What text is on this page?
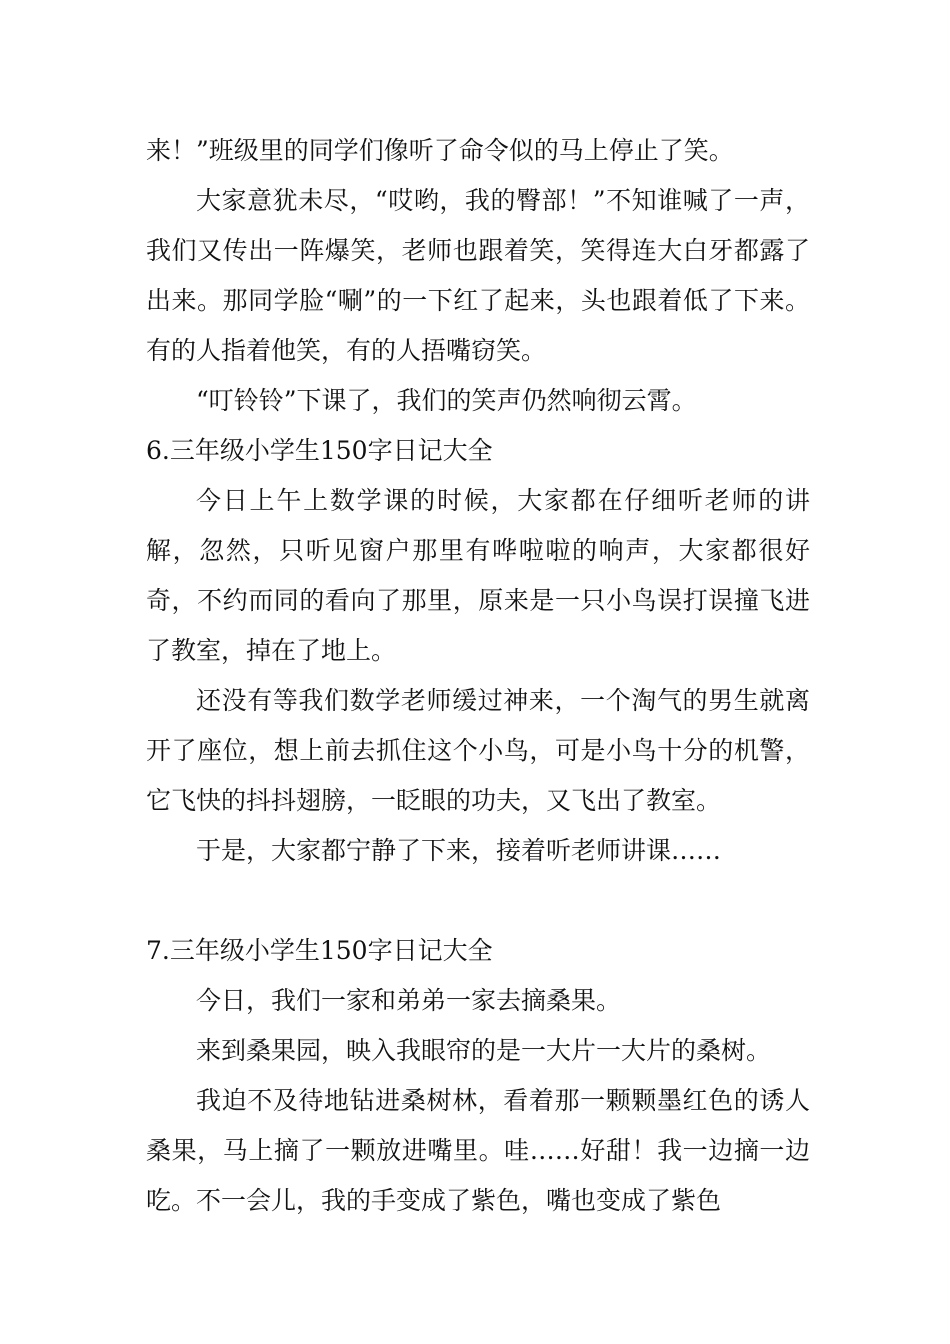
来！”班级里的同学们像听了命令似的马上停止了笑。

大家意犹未尽，“哎哟，我的臀部！”不知谁喊了一声，我们又传出一阵爆笑，老师也跟着笑，笑得连大白牙都露了出来。那同学脸“唰”的一下红了起来，头也跟着低了下来。有的人指着他笑，有的人捂嘴窃笑。

“叮铃铃”下课了，我们的笑声仍然响彻云霄。

6.三年级小学生150字日记大全

今日上午上数学课的时候，大家都在仔细听老师的讲解，忽然，只听见窗户那里有哗啦啦的响声，大家都很好奇，不约而同的看向了那里，原来是一只小鸟误打误撞飞进了教室，掉在了地上。

还没有等我们数学老师缓过神来，一个淘气的男生就离开了座位，想上前去抓住这个小鸟，可是小鸟十分的机警，它飞快的抖抖翅膀，一眨眼的功夫，又飞出了教室。

于是，大家都宁静了下来，接着听老师讲课……

7.三年级小学生150字日记大全

今日，我们一家和弟弟一家去摘桑果。

来到桑果园，映入我眼帘的是一大片一大片的桑树。

我迫不及待地钻进桑树林，看着那一颗颗墨红色的诱人桑果，马上摘了一颗放进嘴里。哇……好甜！我一边摘一边吃。不一会儿，我的手变成了紫色，嘴也变成了紫色
